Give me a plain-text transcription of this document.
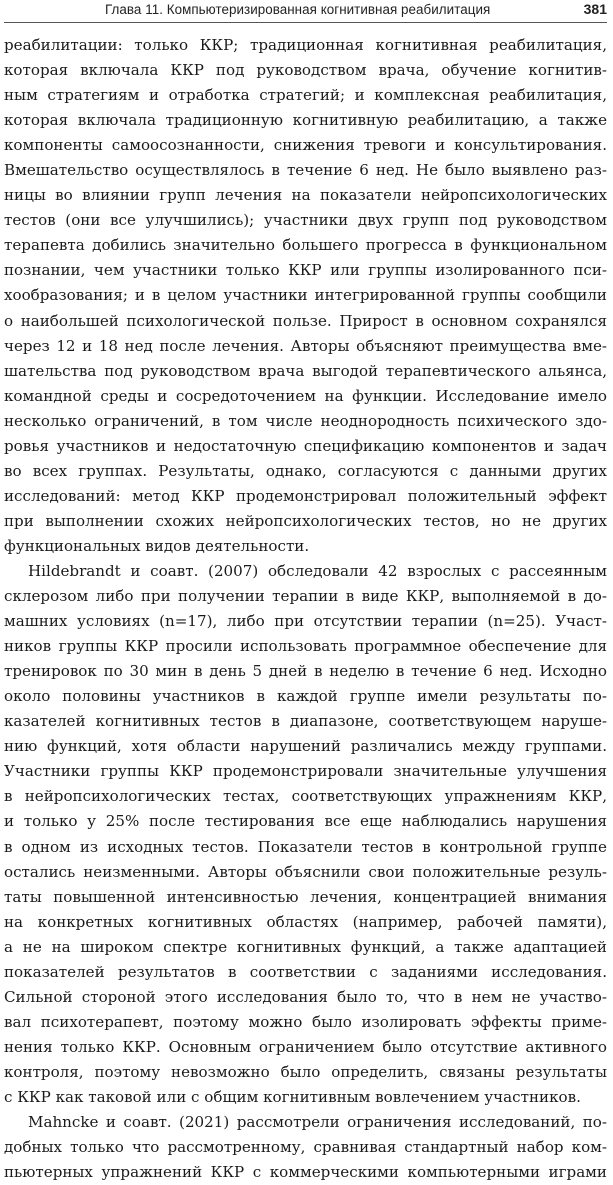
Глава 11. Компьютеризированная когнитивная реабилитация	381

реабилитации: только ККР; традиционная когнитивная реабилитация,
которая включала ККР под руководством врача, обучение когнитив-
ным стратегиям и отработка стратегий; и комплексная реабилитация,
которая включала традиционную когнитивную реабилитацию, а также
компоненты самоосознанности, снижения тревоги и консультирования.
Вмешательство осуществлялось в течение 6 нед. Не было выявлено раз-
ницы во влиянии групп лечения на показатели нейропсихологических
тестов (они все улучшились); участники двух групп под руководством
терапевта добились значительно большего прогресса в функциональном
познании, чем участники только ККР или группы изолированного пси-
хообразования; и в целом участники интегрированной группы сообщили
о наибольшей психологической пользе. Прирост в основном сохранялся
через 12 и 18 нед после лечения. Авторы объясняют преимущества вме-
шательства под руководством врача выгодой терапевтического альянса,
командной среды и сосредоточением на функции. Исследование имело
несколько ограничений, в том числе неоднородность психического здо-
ровья участников и недостаточную спецификацию компонентов и задач
во всех группах. Результаты, однако, согласуются с данными других
исследований: метод ККР продемонстрировал положительный эффект
при выполнении схожих нейропсихологических тестов, но не других
функциональных видов деятельности.

Hildebrandt и соавт. (2007) обследовали 42 взрослых с рассеянным
склерозом либо при получении терапии в виде ККР, выполняемой в до-
машних условиях (n=17), либо при отсутствии терапии (n=25). Участ-
ников группы ККР просили использовать программное обеспечение для
тренировок по 30 мин в день 5 дней в неделю в течение 6 нед. Исходно
около половины участников в каждой группе имели результаты по-
казателей когнитивных тестов в диапазоне, соответствующем наруше-
нию функций, хотя области нарушений различались между группами.
Участники группы ККР продемонстрировали значительные улучшения
в нейропсихологических тестах, соответствующих упражнениям ККР,
и только у 25% после тестирования все еще наблюдались нарушения
в одном из исходных тестов. Показатели тестов в контрольной группе
остались неизменными. Авторы объяснили свои положительные резуль-
таты повышенной интенсивностью лечения, концентрацией внимания
на конкретных когнитивных областях (например, рабочей памяти),
а не на широком спектре когнитивных функций, а также адаптацией
показателей результатов в соответствии с заданиями исследования.
Сильной стороной этого исследования было то, что в нем не участво-
вал психотерапевт, поэтому можно было изолировать эффекты приме-
нения только ККР. Основным ограничением было отсутствие активного
контроля, поэтому невозможно было определить, связаны результаты
с ККР как таковой или с общим когнитивным вовлечением участников.

Mahncke и соавт. (2021) рассмотрели ограничения исследований, по-
добных только что рассмотренному, сравнивая стандартный набор ком-
пьютерных упражнений ККР с коммерческими компьютерными играми
